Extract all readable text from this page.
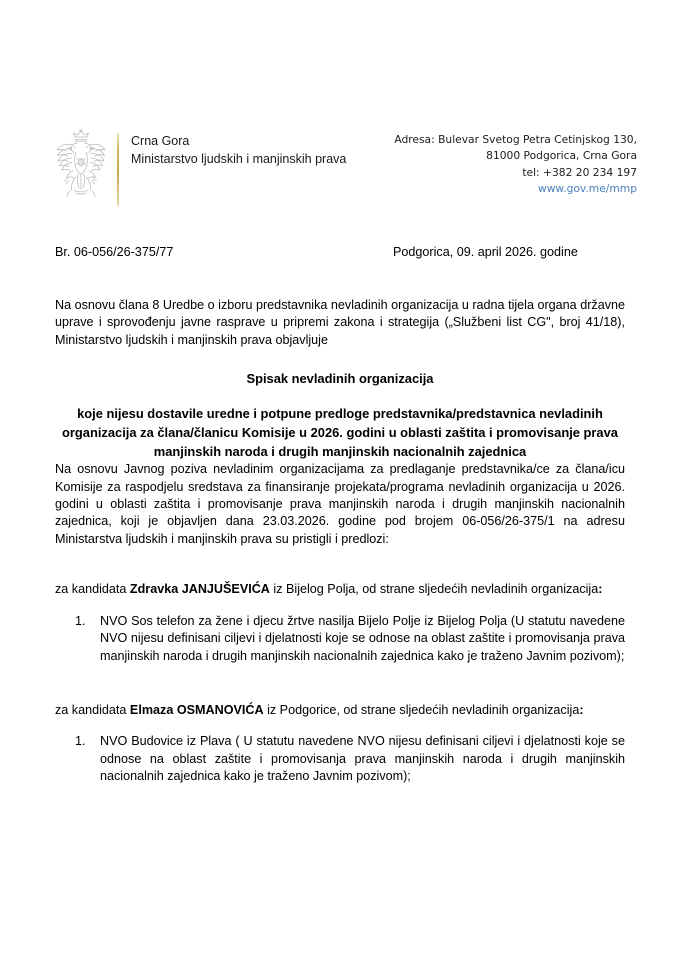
Crna Gora
Ministarstvo ljudskih i manjinskih prava
Adresa: Bulevar Svetog Petra Cetinjskog 130,
81000 Podgorica, Crna Gora
tel: +382 20 234 197
www.gov.me/mmp
Br. 06-056/26-375/77	Podgorica, 09. april 2026. godine

Na osnovu člana 8 Uredbe o izboru predstavnika nevladinih organizacija u radna tijela organa državne uprave i sprovođenju javne rasprave u pripremi zakona i strategija („Službeni list CG", broj 41/18), Ministarstvo ljudskih i manjinskih prava objavljuje

Spisak nevladinih organizacija

koje nijesu dostavile uredne i potpune predloge predstavnika/predstavnica nevladinih organizacija za člana/članicu Komisije u 2026. godini u oblasti zaštita i promovisanje prava manjinskih naroda i drugih manjinskih nacionalnih zajednica

Na osnovu Javnog poziva nevladinim organizacijama za predlaganje predstavnika/ce za člana/icu Komisije za raspodjelu sredstava za finansiranje projekata/programa nevladinih organizacija u 2026. godini u oblasti zaštita i promovisanje prava manjinskih naroda i drugih manjinskih nacionalnih zajednica, koji je objavljen dana 23.03.2026. godine pod brojem 06-056/26-375/1 na adresu Ministarstva ljudskih i manjinskih prava su pristigli i predlozi:

za kandidata Zdravka JANJUŠEVIĆA iz Bijelog Polja, od strane sljedećih nevladinih organizacija:

1.	NVO Sos telefon za žene i djecu žrtve nasilja Bijelo Polje iz Bijelog Polja (U statutu navedene NVO nijesu definisani ciljevi i djelatnosti koje se odnose na oblast zaštite i promovisanja prava manjinskih naroda i drugih manjinskih nacionalnih zajednica kako je traženo Javnim pozivom);

za kandidata Elmaza OSMANOVIĆA iz Podgorice, od strane sljedećih nevladinih organizacija:

1.	NVO Budovice iz Plava ( U statutu navedene NVO nijesu definisani ciljevi i djelatnosti koje se odnose na oblast zaštite i promovisanja prava manjinskih naroda i drugih manjinskih nacionalnih zajednica kako je traženo Javnim pozivom);
